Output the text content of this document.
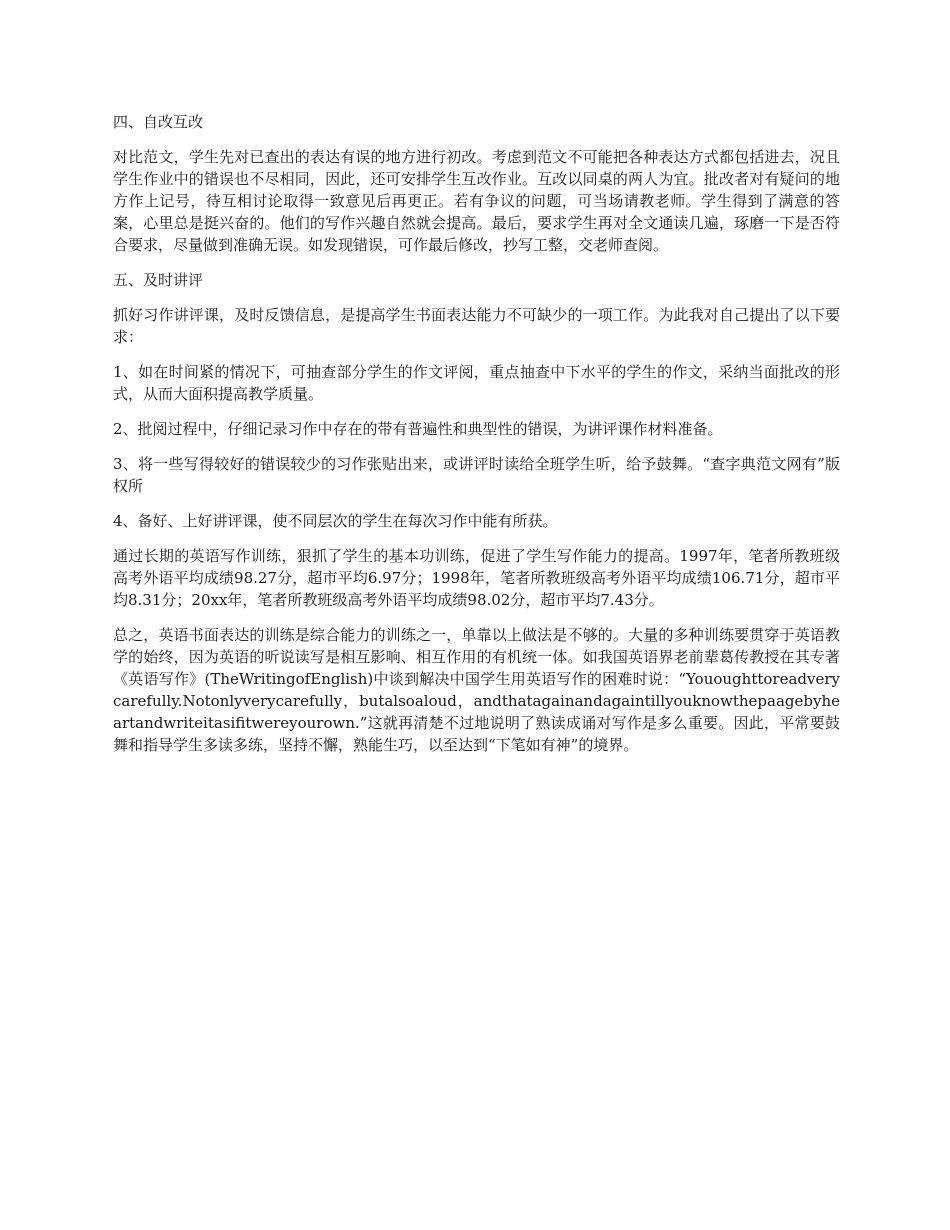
四、自改互改

对比范文，学生先对已查出的表达有误的地方进行初改。考虑到范文不可能把各种表达方式都包括进去，况且学生作业中的错误也不尽相同，因此，还可安排学生互改作业。互改以同桌的两人为宜。批改者对有疑问的地方作上记号，待互相讨论取得一致意见后再更正。若有争议的问题，可当场请教老师。学生得到了满意的答案，心里总是挺兴奋的。他们的写作兴趣自然就会提高。最后，要求学生再对全文通读几遍，琢磨一下是否符合要求，尽量做到准确无误。如发现错误，可作最后修改，抄写工整，交老师查阅。

五、及时讲评

抓好习作讲评课，及时反馈信息，是提高学生书面表达能力不可缺少的一项工作。为此我对自己提出了以下要求：

1、如在时间紧的情况下，可抽查部分学生的作文评阅，重点抽查中下水平的学生的作文，采纳当面批改的形式，从而大面积提高教学质量。

2、批阅过程中，仔细记录习作中存在的带有普遍性和典型性的错误，为讲评课作材料准备。

3、将一些写得较好的错误较少的习作张贴出来，或讲评时读给全班学生听，给予鼓舞。“查字典范文网有”版权所

4、备好、上好讲评课，使不同层次的学生在每次习作中能有所获。

通过长期的英语写作训练，狠抓了学生的基本功训练，促进了学生写作能力的提高。1997年，笔者所教班级高考外语平均成绩98.27分，超市平均6.97分；1998年，笔者所教班级高考外语平均成绩106.71分，超市平均8.31分；20xx年，笔者所教班级高考外语平均成绩98.02分，超市平均7.43分。

总之，英语书面表达的训练是综合能力的训练之一，单靠以上做法是不够的。大量的多种训练要贯穿于英语教学的始终，因为英语的听说读写是相互影响、相互作用的有机统一体。如我国英语界老前辈葛传教授在其专著《英语写作》(TheWritingofEnglish)中谈到解决中国学生用英语写作的困难时说：“Yououghttoreadverycarefully.Notonlyverycarefully，butalsoaloud，andthatagainandagaintillyouknowthepaagebyheartandwriteitasifitwereyourown.”这就再清楚不过地说明了熟读成诵对写作是多么重要。因此，平常要鼓舞和指导学生多读多练，坚持不懈，熟能生巧，以至达到“下笔如有神”的境界。
